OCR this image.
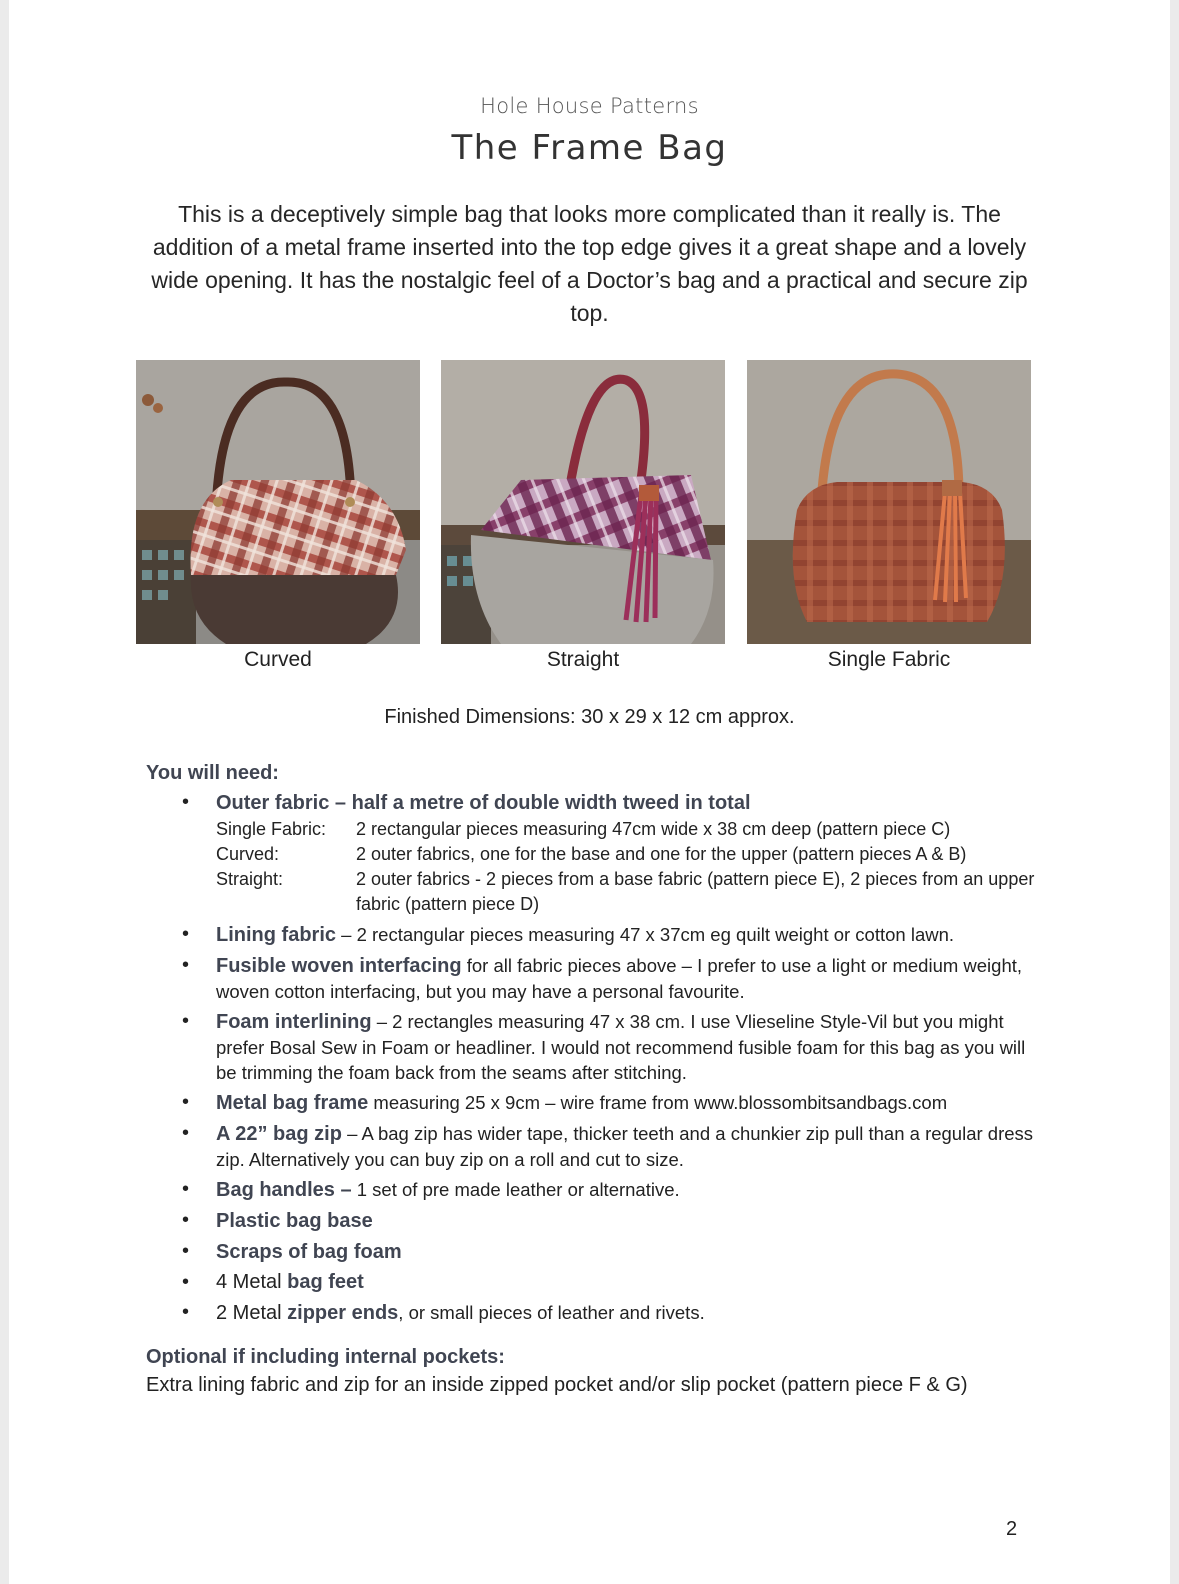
Hole House Patterns
The Frame Bag

This is a deceptively simple bag that looks more complicated than it really is. The addition of a metal frame inserted into the top edge gives it a great shape and a lovely wide opening. It has the nostalgic feel of a Doctor’s bag and a practical and secure zip top.

Curved	Straight	Single Fabric
Finished Dimensions: 30 x 29 x 12 cm approx.
You will need:
• Outer fabric – half a metre of double width tweed in total
Single Fabric:	2 rectangular pieces measuring 47cm wide x 38 cm deep (pattern piece C)
Curved:	2 outer fabrics, one for the base and one for the upper (pattern pieces A & B)
Straight:	2 outer fabrics - 2 pieces from a base fabric (pattern piece E), 2 pieces from an upper fabric (pattern piece D)
• Lining fabric – 2 rectangular pieces measuring 47 x 37cm eg quilt weight or cotton lawn.
• Fusible woven interfacing for all fabric pieces above – I prefer to use a light or medium weight, woven cotton interfacing, but you may have a personal favourite.
• Foam interlining – 2 rectangles measuring 47 x 38 cm. I use Vlieseline Style-Vil but you might prefer Bosal Sew in Foam or headliner. I would not recommend fusible foam for this bag as you will be trimming the foam back from the seams after stitching.
• Metal bag frame measuring 25 x 9cm – wire frame from www.blossombitsandbags.com
• A 22” bag zip – A bag zip has wider tape, thicker teeth and a chunkier zip pull than a regular dress zip. Alternatively you can buy zip on a roll and cut to size.
• Bag handles – 1 set of pre made leather or alternative.
• Plastic bag base
• Scraps of bag foam
• 4 Metal bag feet
• 2 Metal zipper ends, or small pieces of leather and rivets.
Optional if including internal pockets:
Extra lining fabric and zip for an inside zipped pocket and/or slip pocket (pattern piece F & G)
2
